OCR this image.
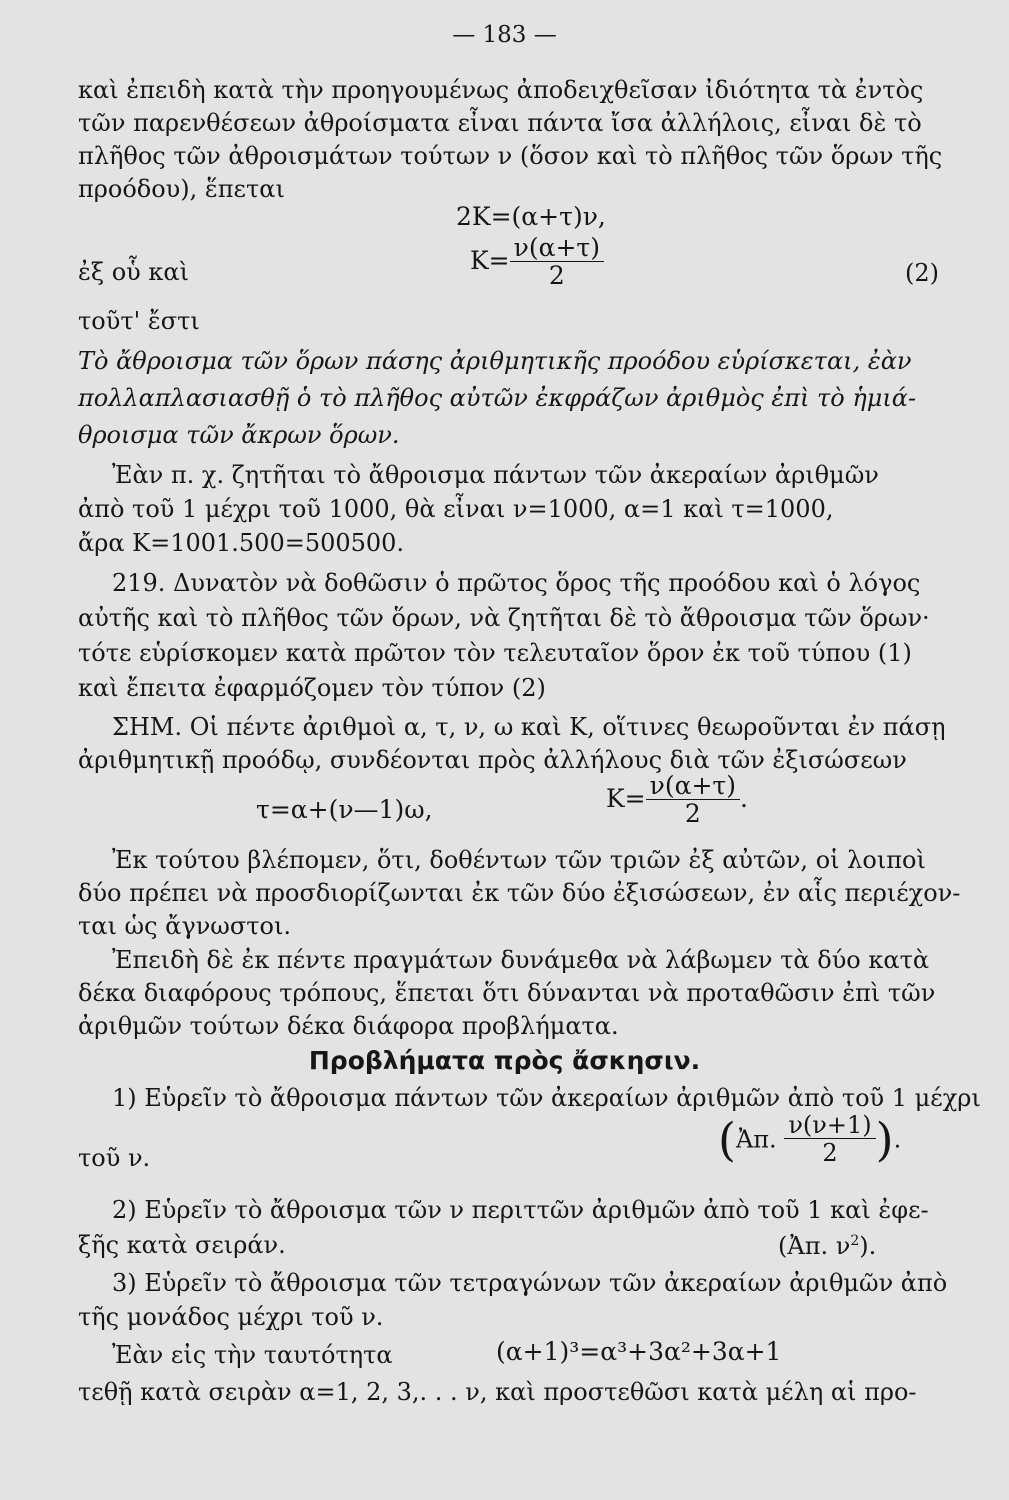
— 183 —
καὶ ἐπειδὴ κατὰ τὴν προηγουμένως ἀποδειχθεῖσαν ἰδιότητα τὰ ἐντὸς
τῶν παρενθέσεων ἀθροίσματα εἶναι πάντα ἴσα ἀλλήλοις, εἶναι δὲ τὸ
πλῆθος τῶν ἀθροισμάτων τούτων ν (ὅσον καὶ τὸ πλῆθος τῶν ὅρων τῆς
προόδου), ἕπεται
2Κ=(α+τ)ν,
ἐξ οὗ καὶ	$K= \frac{\nu(\alpha+\tau)}{2}$	(2)
τοῦτ' ἔστι
Τὸ ἄθροισμα τῶν ὅρων πάσης ἀριθμητικῆς προόδου εὑρίσκεται, ἐὰν
πολλαπλασιασθῇ ὁ τὸ πλῆθος αὐτῶν ἐκφράζων ἀριθμὸς ἐπὶ τὸ ἡμιά-
θροισμα τῶν ἄκρων ὅρων.
Ἐὰν π. χ. ζητῆται τὸ ἄθροισμα πάντων τῶν ἀκεραίων ἀριθμῶν
ἀπὸ τοῦ 1 μέχρι τοῦ 1000, θὰ εἶναι ν=1000, α=1 καὶ τ=1000,
ἄρα Κ=1001.500=500500.
219. Δυνατὸν νὰ δοθῶσιν ὁ πρῶτος ὅρος τῆς προόδου καὶ ὁ λόγος
αὐτῆς καὶ τὸ πλῆθος τῶν ὅρων, νὰ ζητῆται δὲ τὸ ἄθροισμα τῶν ὅρων·
τότε εὑρίσκομεν κατὰ πρῶτον τὸν τελευταῖον ὅρον ἐκ τοῦ τύπου (1)
καὶ ἔπειτα ἐφαρμόζομεν τὸν τύπον (2)
ΣΗΜ. Οἱ πέντε ἀριθμοὶ α, τ, ν, ω καὶ Κ, οἵτινες θεωροῦνται ἐν πάσῃ
ἀριθμητικῇ προόδῳ, συνδέονται πρὸς ἀλλήλους διὰ τῶν ἐξισώσεων
τ=α+(ν—1)ω,	$K= \frac{\nu(\alpha+\tau)}{2}$ .
Ἐκ τούτου βλέπομεν, ὅτι, δοθέντων τῶν τριῶν ἐξ αὐτῶν, οἱ λοιποὶ
δύο πρέπει νὰ προσδιορίζωνται ἐκ τῶν δύο ἐξισώσεων, ἐν αἷς περιέχον-
ται ὡς ἄγνωστοι.
Ἐπειδὴ δὲ ἐκ πέντε πραγμάτων δυνάμεθα νὰ λάβωμεν τὰ δύο κατὰ
δέκα διαφόρους τρόπους, ἕπεται ὅτι δύνανται νὰ προταθῶσιν ἐπὶ τῶν
ἀριθμῶν τούτων δέκα διάφορα προβλήματα.
Προβλήματα πρὸς ἄσκησιν.
1) Εὑρεῖν τὸ ἄθροισμα πάντων τῶν ἀκεραίων ἀριθμῶν ἀπὸ τοῦ 1 μέχρι
τοῦ ν.	(Ἀπ. $\frac{\nu(\nu+1)}{2}$ ).
2) Εὑρεῖν τὸ ἄθροισμα τῶν ν περιττῶν ἀριθμῶν ἀπὸ τοῦ 1 καὶ ἐφε-
ξῆς κατὰ σειράν.	(Ἀπ. $\nu^2$).
3) Εὑρεῖν τὸ ἄθροισμα τῶν τετραγώνων τῶν ἀκεραίων ἀριθμῶν ἀπὸ
τῆς μονάδος μέχρι τοῦ ν.
Ἐὰν εἰς τὴν ταυτότητα	(α+1)³=α³+3α²+3α+1
τεθῇ κατὰ σειρὰν α=1, 2, 3,. . . ν, καὶ προστεθῶσι κατὰ μέλη αἱ προ-
